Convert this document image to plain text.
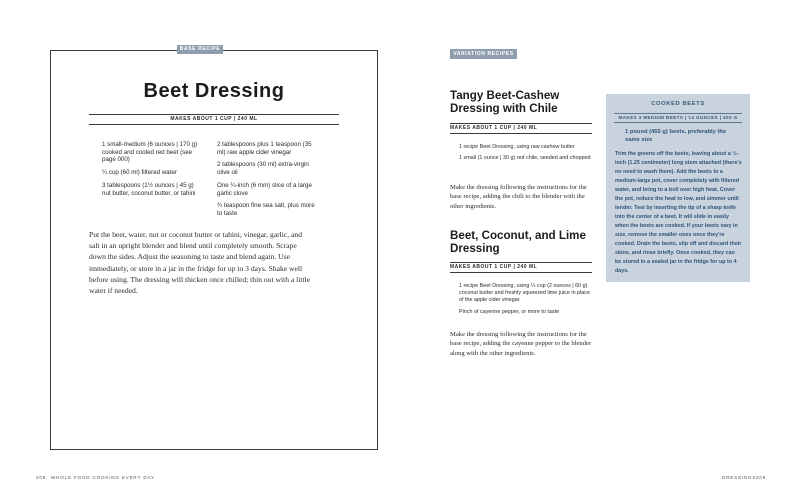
BASE RECIPE
Beet Dressing
MAKES ABOUT 1 CUP | 240 ML
1 small-medium (6 ounces | 170 g) cooked and cooled red beet (see page 000)
¼ cup (60 ml) filtered water
3 tablespoons (1½ ounces | 45 g) nut butter, coconut butter, or tahini
2 tablespoons plus 1 teaspoon (35 ml) raw apple cider vinegar
2 tablespoons (30 ml) extra-virgin olive oil
One ¼-inch (6 mm) slice of a large garlic clove
¾ teaspoon fine sea salt, plus more to taste
Put the beet, water, nut or coconut butter or tahini, vinegar, garlic, and salt in an upright blender and blend until completely smooth. Scrape down the sides. Adjust the seasoning to taste and blend again. Use immediately, or store in a jar in the fridge for up to 3 days. Shake well before using. The dressing will thicken once chilled; thin out with a little water if needed.
VARIATION RECIPES
Tangy Beet-Cashew Dressing with Chile
MAKES ABOUT 1 CUP | 240 ML
1 recipe Beet Dressing, using raw cashew butter
1 small (1 ounce | 30 g) red chile, seeded and chopped
Make the dressing following the instructions for the base recipe, adding the chili to the blender with the other ingredients.
Beet, Coconut, and Lime Dressing
MAKES ABOUT 1 CUP | 240 ML
1 recipe Beet Dressing, using ¼ cup (2 ounces | 60 g) coconut butter and freshly squeezed lime juice in place of the apple cider vinegar
Pinch of cayenne pepper, or more to taste
Make the dressing following the instructions for the base recipe, adding the cayenne pepper to the blender along with the other ingredients.
COOKED BEETS
MAKES 3 MEDIUM BEETS | 14 OUNCES | 400 G
1 pound (455 g) beets, preferably the same size
Trim the greens off the beets, leaving about a ½-inch (1.25 centimeter) long stem attached (there's no need to wash them). Add the beets to a medium-large pot, cover completely with filtered water, and bring to a boil over high heat. Cover the pot, reduce the heat to low, and simmer until tender. Test by inserting the tip of a sharp knife into the center of a beet. It will slide in easily when the beets are cooked. If your beets vary in size, remove the smaller ones once they're cooked. Drain the beets, slip off and discard their skins, and rinse briefly. Once cooked, they can be stored in a sealed jar in the fridge for up to 4 days.
208 WHOLE FOOD COOKING EVERY DAY	DRESSINGS 209
